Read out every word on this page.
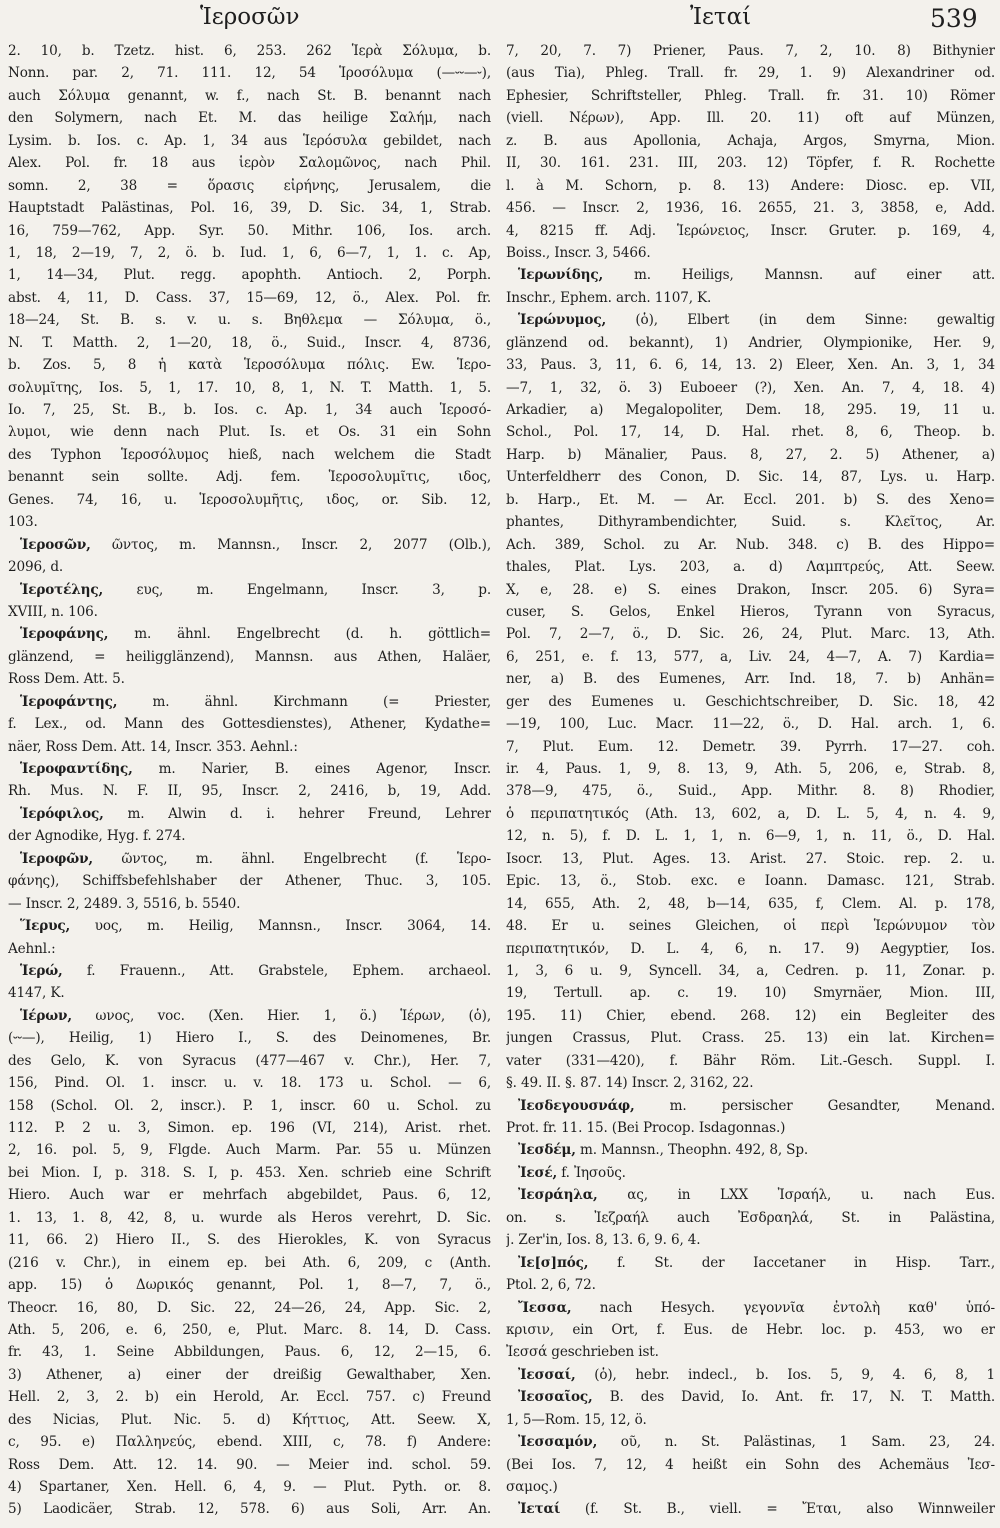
Ἱεροσῶν	Ἰεταί	539
2. 10, b. Tzetz. hist. 6, 253. 262 Ἱερὰ Σόλυμα, b.
Nonn. par. 2, 71. 111. 12, 54 Ἱροσόλυμα (—⏑⏑—⏑),
auch Σόλυμα genannt, w. f., nach St. B. benannt nach
den Solymern, nach Et. M. das heilige Σαλήμ, nach
Lysim. b. Ios. c. Ap. 1, 34 aus Ἱερόσυλα gebildet, nach
Alex. Pol. fr. 18 aus ἱερὸν Σαλομῶνος, nach Phil.
somn. 2, 38 = ὅρασις εἰρήνης, Jerusalem, die
Hauptstadt Palästinas, Pol. 16, 39, D. Sic. 34, 1, Strab.
16, 759—762, App. Syr. 50. Mithr. 106, Ios. arch.
1, 18, 2—19, 7, 2, ö. b. Iud. 1, 6, 6—7, 1, 1. c. Ap,
1, 14—34, Plut. regg. apophth. Antioch. 2, Porph.
abst. 4, 11, D. Cass. 37, 15—69, 12, ö., Alex. Pol. fr.
18—24, St. B. s. v. u. s. Βηθλεμα — Σόλυμα, ö.,
N. T. Matth. 2, 1—20, 18, ö., Suid., Inscr. 4, 8736,
b. Zos. 5, 8 ἡ κατὰ Ἱεροσόλυμα πόλις. Ew. Ἱερο-
σολυμῖτης, Ios. 5, 1, 17. 10, 8, 1, N. T. Matth. 1, 5.
Io. 7, 25, St. B., b. Ios. c. Ap. 1, 34 auch Ἱεροσό-
λυμοι, wie denn nach Plut. Is. et Os. 31 ein Sohn
des Typhon Ἱεροσόλυμος hieß, nach welchem die Stadt
benannt sein sollte. Adj. fem. Ἱεροσολυμῖτις, ιδος,
Genes. 74, 16, u. Ἱεροσολυμῆτις, ιδος, or. Sib. 12,
103.
Ἱεροσῶν, ῶντος, m. Mannsn., Inscr. 2, 2077 (Olb.),
2096, d.
Ἱεροτέλης, ευς, m. Engelmann, Inscr. 3, p.
XVIII, n. 106.
Ἱεροφάνης, m. ähnl. Engelbrecht (d. h. göttlich=
glänzend, = heiligglänzend), Mannsn. aus Athen, Haläer,
Ross Dem. Att. 5.
Ἱεροφάντης, m. ähnl. Kirchmann (= Priester,
f. Lex., od. Mann des Gottesdienstes), Athener, Kydathe=
näer, Ross Dem. Att. 14, Inscr. 353. Aehnl.:
Ἱεροφαντίδης, m. Narier, B. eines Agenor, Inscr.
Rh. Mus. N. F. II, 95, Inscr. 2, 2416, b, 19, Add.
Ἱερόφιλος, m. Alwin d. i. hehrer Freund, Lehrer
der Agnodike, Hyg. f. 274.
Ἱεροφῶν, ῶντος, m. ähnl. Engelbrecht (f. Ἱερο-
φάνης), Schiffsbefehlshaber der Athener, Thuc. 3, 105.
— Inscr. 2, 2489. 3, 5516, b. 5540.
Ἵερυς, υος, m. Heilig, Mannsn., Inscr. 3064, 14.
Aehnl.:
Ἱερώ, f. Frauenn., Att. Grabstele, Ephem. archaeol.
4147, K.
Ἱέρων, ωνος, voc. (Xen. Hier. 1, ö.) Ἱέρων, (ὁ),
(⏑⏑—), Heilig, 1) Hiero I., S. des Deinomenes, Br.
des Gelo, K. von Syracus (477—467 v. Chr.), Her. 7,
156, Pind. Ol. 1. inscr. u. v. 18. 173 u. Schol. — 6,
158 (Schol. Ol. 2, inscr.). P. 1, inscr. 60 u. Schol. zu
112. P. 2 u. 3, Simon. ep. 196 (VI, 214), Arist. rhet.
2, 16. pol. 5, 9, Flgde. Auch Marm. Par. 55 u. Münzen
bei Mion. I, p. 318. S. I, p. 453. Xen. schrieb eine Schrift
Hiero. Auch war er mehrfach abgebildet, Paus. 6, 12,
1. 13, 1. 8, 42, 8, u. wurde als Heros verehrt, D. Sic.
11, 66. 2) Hiero II., S. des Hierokles, K. von Syracus
(216 v. Chr.), in einem ep. bei Ath. 6, 209, c (Anth.
app. 15) ὁ Δωρικός genannt, Pol. 1, 8—7, 7, ö.,
Theocr. 16, 80, D. Sic. 22, 24—26, 24, App. Sic. 2,
Ath. 5, 206, e. 6, 250, e, Plut. Marc. 8. 14, D. Cass.
fr. 43, 1. Seine Abbildungen, Paus. 6, 12, 2—15, 6.
3) Athener, a) einer der dreißig Gewalthaber, Xen.
Hell. 2, 3, 2. b) ein Herold, Ar. Eccl. 757. c) Freund
des Nicias, Plut. Nic. 5. d) Κήττιος, Att. Seew. X,
c, 95. e) Παλληνεύς, ebend. XIII, c, 78. f) Andere:
Ross Dem. Att. 12. 14. 90. — Meier ind. schol. 59.
4) Spartaner, Xen. Hell. 6, 4, 9. — Plut. Pyth. or. 8.
5) Laodicäer, Strab. 12, 578. 6) aus Soli, Arr. An.
7, 20, 7. 7) Priener, Paus. 7, 2, 10. 8) Bithynier
(aus Tia), Phleg. Trall. fr. 29, 1. 9) Alexandriner od.
Ephesier, Schriftsteller, Phleg. Trall. fr. 31. 10) Römer
(viell. Νέρων), App. Ill. 20. 11) oft auf Münzen,
z. B. aus Apollonia, Achaja, Argos, Smyrna, Mion.
II, 30. 161. 231. III, 203. 12) Töpfer, f. R. Rochette
l. à M. Schorn, p. 8. 13) Andere: Diosc. ep. VII,
456. — Inscr. 2, 1936, 16. 2655, 21. 3, 3858, e, Add.
4, 8215 ff. Adj. Ἱερώνειος, Inscr. Gruter. p. 169, 4,
Boiss., Inscr. 3, 5466.
Ἱερωνίδης, m. Heiligs, Mannsn. auf einer att.
Inschr., Ephem. arch. 1107, K.
Ἱερώνυμος, (ὁ), Elbert (in dem Sinne: gewaltig
glänzend od. bekannt), 1) Andrier, Olympionike, Her. 9,
33, Paus. 3, 11, 6. 6, 14, 13. 2) Eleer, Xen. An. 3, 1, 34
—7, 1, 32, ö. 3) Euboeer (?), Xen. An. 7, 4, 18. 4)
Arkadier, a) Megalopoliter, Dem. 18, 295. 19, 11 u.
Schol., Pol. 17, 14, D. Hal. rhet. 8, 6, Theop. b.
Harp. b) Mänalier, Paus. 8, 27, 2. 5) Athener, a)
Unterfeldherr des Conon, D. Sic. 14, 87, Lys. u. Harp.
b. Harp., Et. M. — Ar. Eccl. 201. b) S. des Xeno=
phantes, Dithyrambendichter, Suid. s. Κλεῖτος, Ar.
Ach. 389, Schol. zu Ar. Nub. 348. c) B. des Hippo=
thales, Plat. Lys. 203, a. d) Λαμπτρεύς, Att. Seew.
X, e, 28. e) S. eines Drakon, Inscr. 205. 6) Syra=
cuser, S. Gelos, Enkel Hieros, Tyrann von Syracus,
Pol. 7, 2—7, ö., D. Sic. 26, 24, Plut. Marc. 13, Ath.
6, 251, e. f. 13, 577, a, Liv. 24, 4—7, A. 7) Kardia=
ner, a) B. des Eumenes, Arr. Ind. 18, 7. b) Anhän=
ger des Eumenes u. Geschichtschreiber, D. Sic. 18, 42
—19, 100, Luc. Macr. 11—22, ö., D. Hal. arch. 1, 6.
7, Plut. Eum. 12. Demetr. 39. Pyrrh. 17—27. coh.
ir. 4, Paus. 1, 9, 8. 13, 9, Ath. 5, 206, e, Strab. 8,
378—9, 475, ö., Suid., App. Mithr. 8. 8) Rhodier,
ὁ περιπατητικός (Ath. 13, 602, a, D. L. 5, 4, n. 4. 9,
12, n. 5), f. D. L. 1, 1, n. 6—9, 1, n. 11, ö., D. Hal.
Isocr. 13, Plut. Ages. 13. Arist. 27. Stoic. rep. 2. u.
Epic. 13, ö., Stob. exc. e Ioann. Damasc. 121, Strab.
14, 655, Ath. 2, 48, b—14, 635, f, Clem. Al. p. 178,
48. Er u. seines Gleichen, οἱ περὶ Ἱερώνυμον τὸν
περιπατητικόν, D. L. 4, 6, n. 17. 9) Aegyptier, Ios.
1, 3, 6 u. 9, Syncell. 34, a, Cedren. p. 11, Zonar. p.
19, Tertull. ap. c. 19. 10) Smyrnäer, Mion. III,
195. 11) Chier, ebend. 268. 12) ein Begleiter des
jungen Crassus, Plut. Crass. 25. 13) ein lat. Kirchen=
vater (331—420), f. Bähr Röm. Lit.-Gesch. Suppl. I.
§. 49. II. §. 87. 14) Inscr. 2, 3162, 22.
Ἰεσδεγουσνάφ, m. persischer Gesandter, Menand.
Prot. fr. 11. 15. (Bei Procop. Isdagonnas.)
Ἰεσδέμ, m. Mannsn., Theophn. 492, 8, Sp.
Ἰεσέ, f. Ἰησοῦς.
Ἰεσράηλα, ας, in LXX Ἰσραήλ, u. nach Eus.
on. s. Ἰεζραήλ auch Ἐσδραηλά, St. in Palästina,
j. Zer'in, Ios. 8, 13. 6, 9. 6, 4.
Ἰε[σ]πός, f. St. der Iaccetaner in Hisp. Tarr.,
Ptol. 2, 6, 72.
Ἴεσσα, nach Hesych. γεγοννῖα ἐντολὴ καθ' ὑπό-
κρισιν, ein Ort, f. Eus. de Hebr. loc. p. 453, wo er
Ἰεσσά geschrieben ist.
Ἰεσσαί, (ὁ), hebr. indecl., b. Ios. 5, 9, 4. 6, 8, 1
Ἰεσσαῖος, B. des David, Io. Ant. fr. 17, N. T. Matth.
1, 5—Rom. 15, 12, ö.
Ἰεσσαμόν, οῦ, n. St. Palästinas, 1 Sam. 23, 24.
(Bei Ios. 7, 12, 4 heißt ein Sohn des Achemäus Ἰεσ-
σαμος.)
Ἰεταί (f. St. B., viell. = Ἔται, also Winnweiler
